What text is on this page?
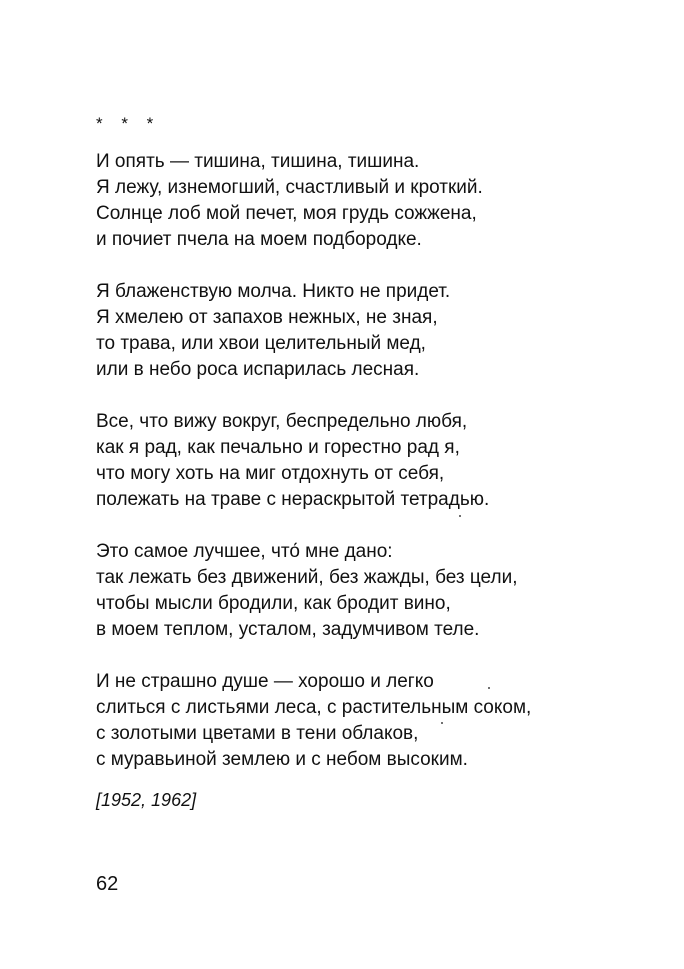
* * *

И опять — тишина, тишина, тишина.
Я лежу, изнемогший, счастливый и кроткий.
Солнце лоб мой печет, моя грудь сожжена,
и почиет пчела на моем подбородке.
Я блаженствую молча. Никто не придет.
Я хмелею от запахов нежных, не зная,
то трава, или хвои целительный мед,
или в небо роса испарилась лесная.
Все, что вижу вокруг, беспредельно любя,
как я рад, как печально и горестно рад я,
что могу хоть на миг отдохнуть от себя,
полежать на траве с нераскрытой тетрадью.
Это самое лучшее, что́ мне дано:
так лежать без движений, без жажды, без цели,
чтобы мысли бродили, как бродит вино,
в моем теплом, усталом, задумчивом теле.
И не страшно душе — хорошо и легко
слиться с листьями леса, с растительным соком,
с золотыми цветами в тени облаков,
с муравьиной землею и с небом высоким.

[1952, 1962]

62
